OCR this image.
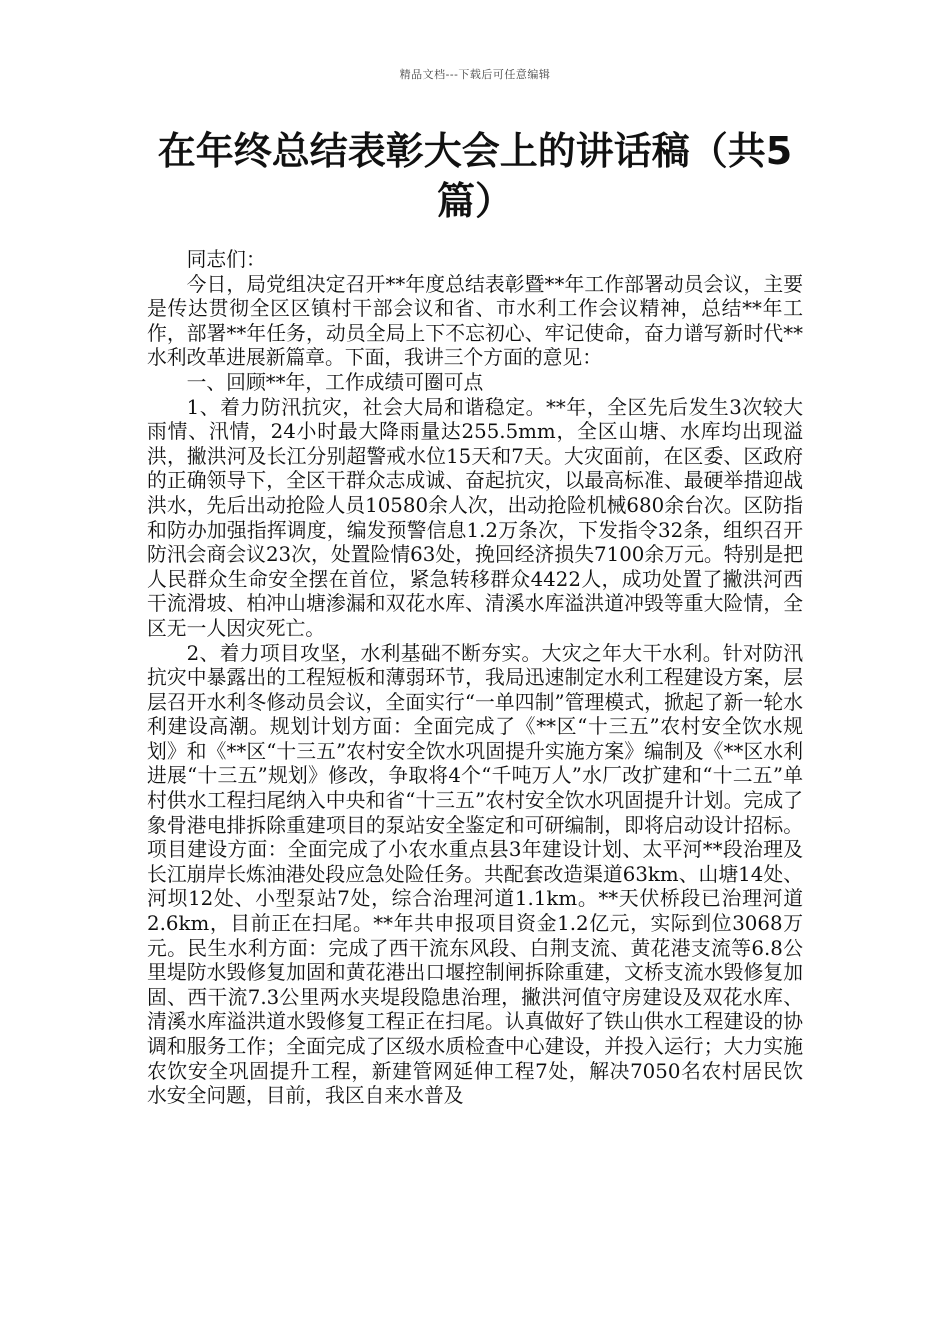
精品文档---下载后可任意编辑
在年终总结表彰大会上的讲话稿（共5篇）

同志们：

今日，局党组决定召开**年度总结表彰暨**年工作部署动员会议，主要是传达贯彻全区区镇村干部会议和省、市水利工作会议精神，总结**年工作，部署**年任务，动员全局上下不忘初心、牢记使命，奋力谱写新时代**水利改革进展新篇章。下面，我讲三个方面的意见：

一、回顾**年，工作成绩可圈可点

1、着力防汛抗灾，社会大局和谐稳定。**年，全区先后发生3次较大雨情、汛情，24小时最大降雨量达255.5mm，全区山塘、水库均出现溢洪，撇洪河及长江分别超警戒水位15天和7天。大灾面前，在区委、区政府的正确领导下，全区干群众志成诚、奋起抗灾，以最高标准、最硬举措迎战洪水，先后出动抢险人员10580余人次，出动抢险机械680余台次。区防指和防办加强指挥调度，编发预警信息1.2万条次，下发指令32条，组织召开防汛会商会议23次，处置险情63处，挽回经济损失7100余万元。特别是把人民群众生命安全摆在首位，紧急转移群众4422人，成功处置了撇洪河西干流滑坡、柏冲山塘渗漏和双花水库、清溪水库溢洪道冲毁等重大险情，全区无一人因灾死亡。

2、着力项目攻坚，水利基础不断夯实。大灾之年大干水利。针对防汛抗灾中暴露出的工程短板和薄弱环节，我局迅速制定水利工程建设方案，层层召开水利冬修动员会议，全面实行“一单四制”管理模式，掀起了新一轮水利建设高潮。规划计划方面：全面完成了《**区“十三五”农村安全饮水规划》和《**区“十三五”农村安全饮水巩固提升实施方案》编制及《**区水利进展“十三五”规划》修改，争取将4个“千吨万人”水厂改扩建和“十二五”单村供水工程扫尾纳入中央和省“十三五”农村安全饮水巩固提升计划。完成了象骨港电排拆除重建项目的泵站安全鉴定和可研编制，即将启动设计招标。项目建设方面：全面完成了小农水重点县3年建设计划、太平河**段治理及长江崩岸长炼油港处段应急处险任务。共配套改造渠道63km、山塘14处、河坝12处、小型泵站7处，综合治理河道1.1km。**天伏桥段已治理河道2.6km，目前正在扫尾。**年共申报项目资金1.2亿元，实际到位3068万元。民生水利方面：完成了西干流东风段、白荆支流、黄花港支流等6.8公里堤防水毁修复加固和黄花港出口堰控制闸拆除重建，文桥支流水毁修复加固、西干流7.3公里两水夹堤段隐患治理，撇洪河值守房建设及双花水库、清溪水库溢洪道水毁修复工程正在扫尾。认真做好了铁山供水工程建设的协调和服务工作；全面完成了区级水质检查中心建设，并投入运行；大力实施农饮安全巩固提升工程，新建管网延伸工程7处，解决7050名农村居民饮水安全问题，目前，我区自来水普及
